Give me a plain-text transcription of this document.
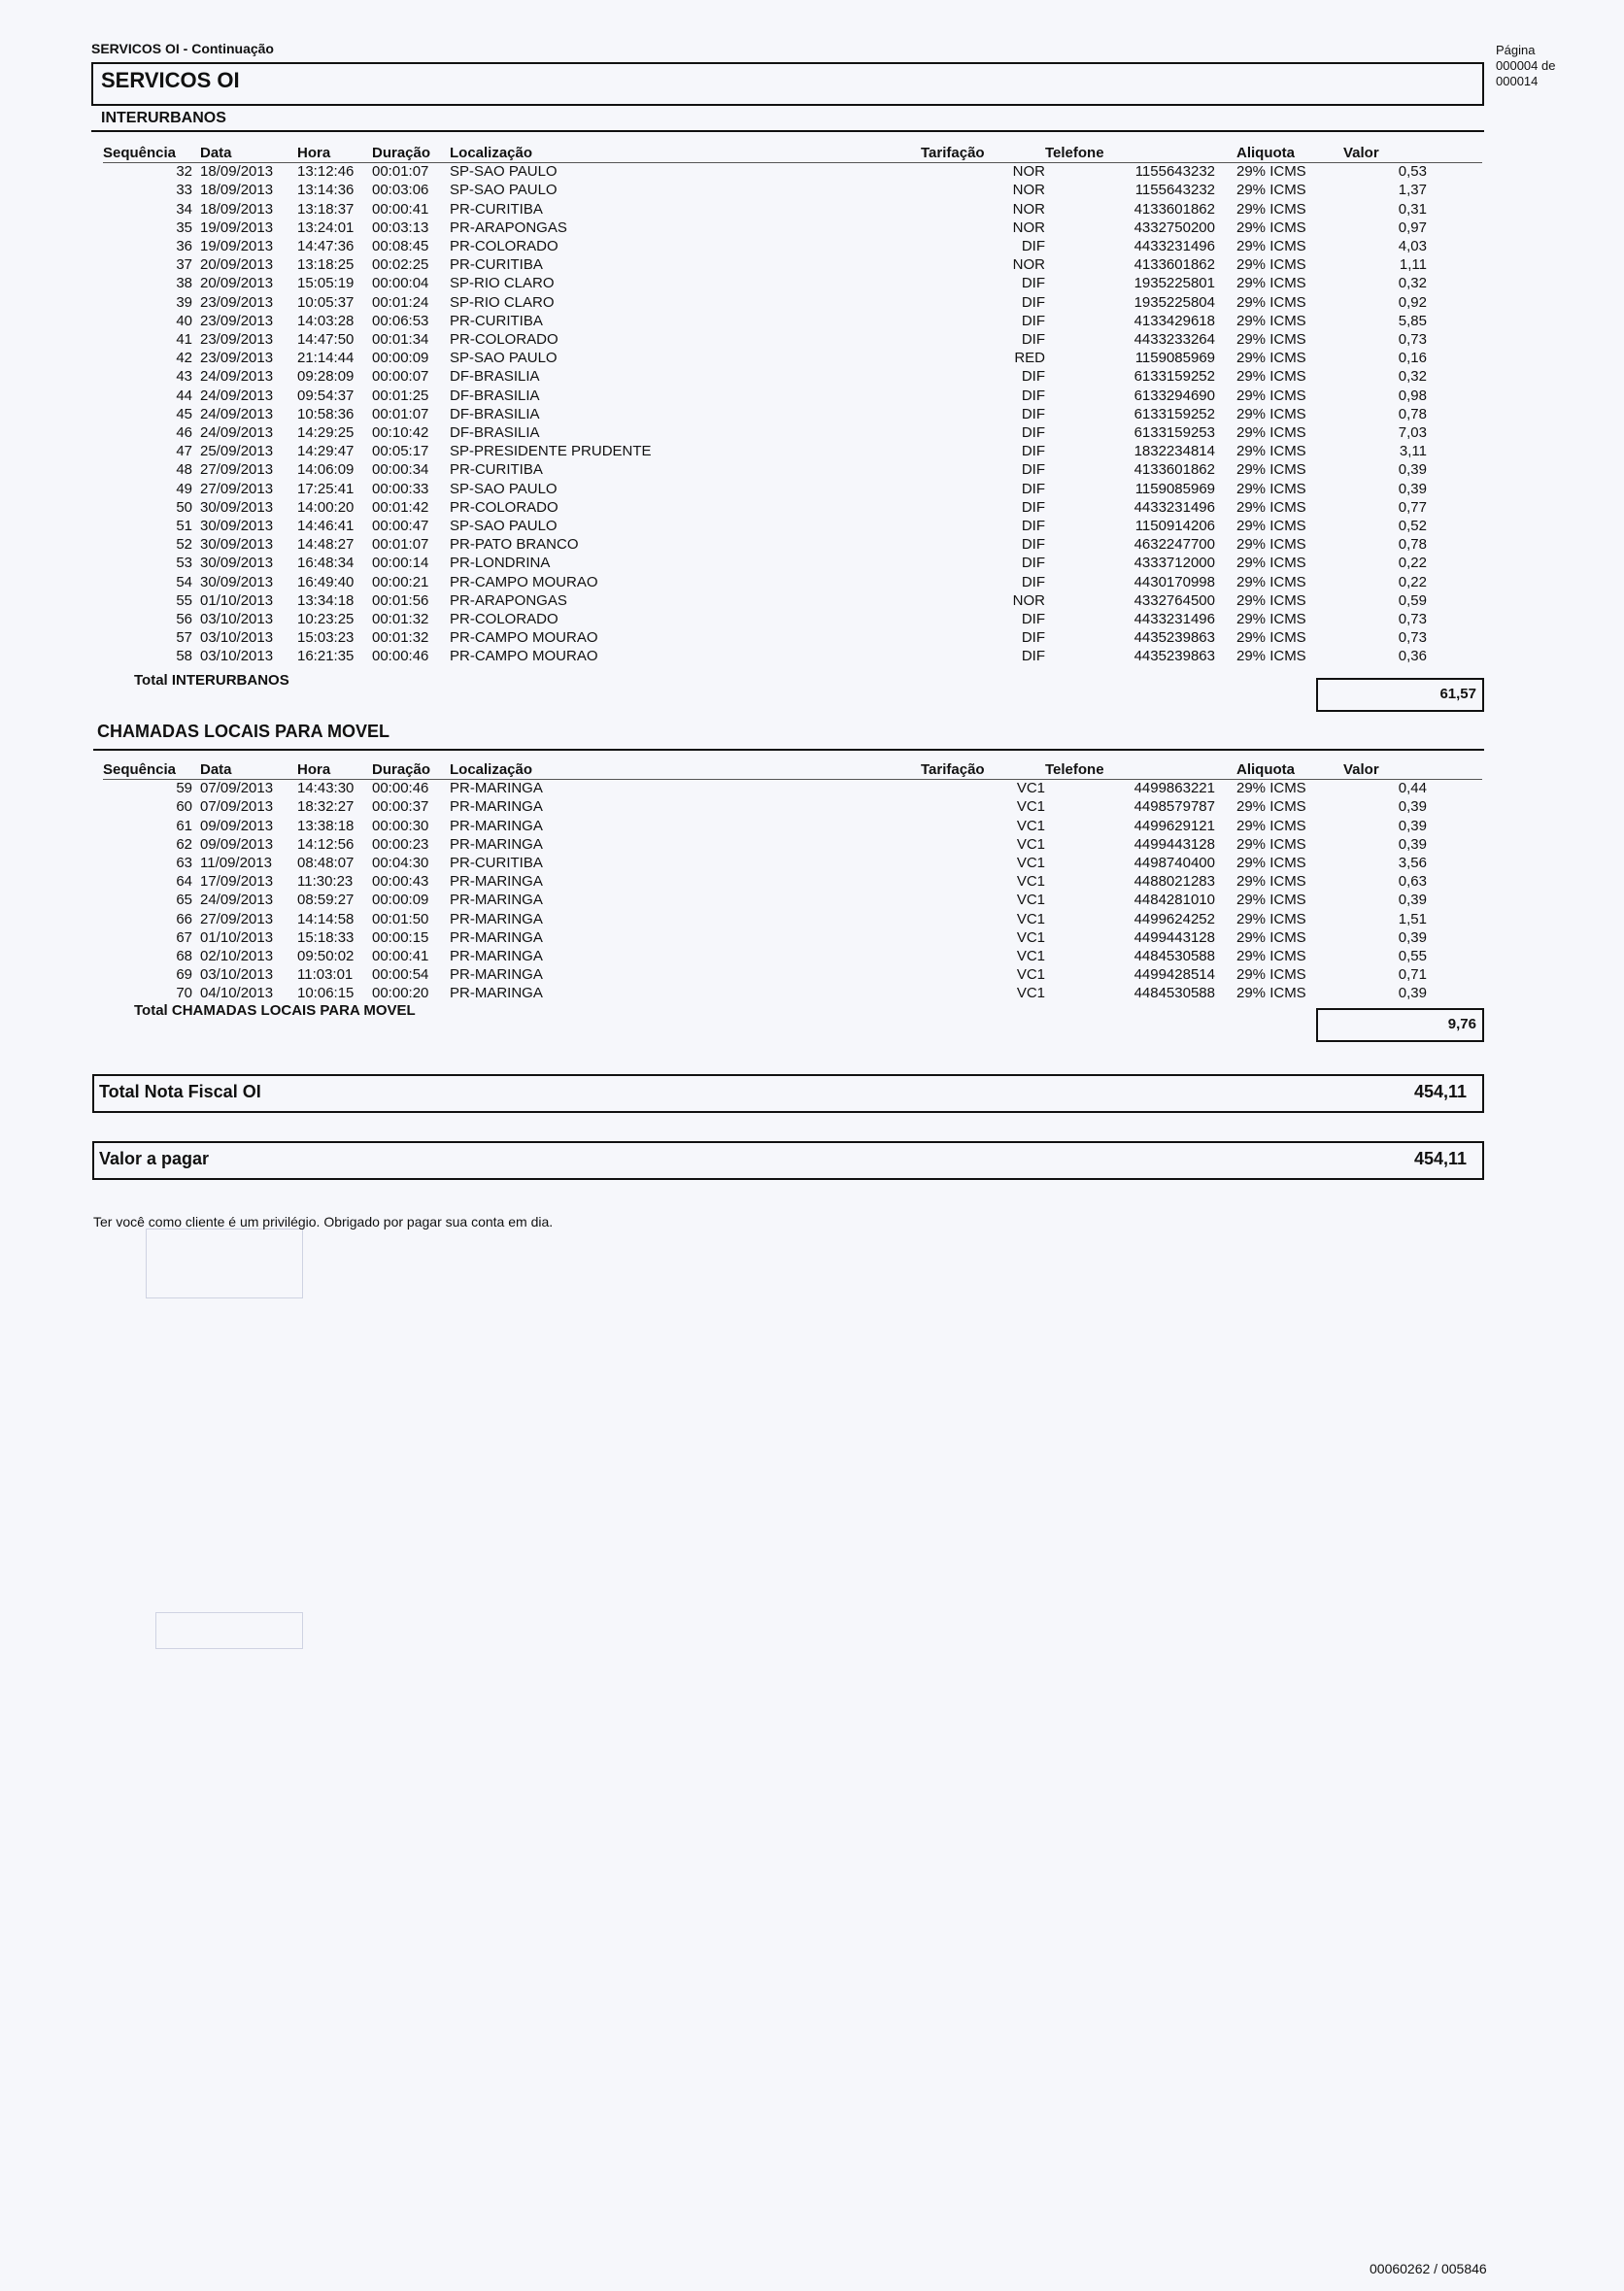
SERVICOS OI - Continuação	Página
000004 de
000014
SERVICOS OI
INTERURBANOS
Sequência	Data	Hora	Duração	Localização	Tarifação	Telefone	Aliquota	Valor
32	18/09/2013	13:12:46	00:01:07	SP-SAO PAULO	NOR	1155643232	29% ICMS	0,53
33	18/09/2013	13:14:36	00:03:06	SP-SAO PAULO	NOR	1155643232	29% ICMS	1,37
34	18/09/2013	13:18:37	00:00:41	PR-CURITIBA	NOR	4133601862	29% ICMS	0,31
35	19/09/2013	13:24:01	00:03:13	PR-ARAPONGAS	NOR	4332750200	29% ICMS	0,97
36	19/09/2013	14:47:36	00:08:45	PR-COLORADO	DIF	4433231496	29% ICMS	4,03
37	20/09/2013	13:18:25	00:02:25	PR-CURITIBA	NOR	4133601862	29% ICMS	1,11
38	20/09/2013	15:05:19	00:00:04	SP-RIO CLARO	DIF	1935225801	29% ICMS	0,32
39	23/09/2013	10:05:37	00:01:24	SP-RIO CLARO	DIF	1935225804	29% ICMS	0,92
40	23/09/2013	14:03:28	00:06:53	PR-CURITIBA	DIF	4133429618	29% ICMS	5,85
41	23/09/2013	14:47:50	00:01:34	PR-COLORADO	DIF	4433233264	29% ICMS	0,73
42	23/09/2013	21:14:44	00:00:09	SP-SAO PAULO	RED	1159085969	29% ICMS	0,16
43	24/09/2013	09:28:09	00:00:07	DF-BRASILIA	DIF	6133159252	29% ICMS	0,32
44	24/09/2013	09:54:37	00:01:25	DF-BRASILIA	DIF	6133294690	29% ICMS	0,98
45	24/09/2013	10:58:36	00:01:07	DF-BRASILIA	DIF	6133159252	29% ICMS	0,78
46	24/09/2013	14:29:25	00:10:42	DF-BRASILIA	DIF	6133159253	29% ICMS	7,03
47	25/09/2013	14:29:47	00:05:17	SP-PRESIDENTE PRUDENTE	DIF	1832234814	29% ICMS	3,11
48	27/09/2013	14:06:09	00:00:34	PR-CURITIBA	DIF	4133601862	29% ICMS	0,39
49	27/09/2013	17:25:41	00:00:33	SP-SAO PAULO	DIF	1159085969	29% ICMS	0,39
50	30/09/2013	14:00:20	00:01:42	PR-COLORADO	DIF	4433231496	29% ICMS	0,77
51	30/09/2013	14:46:41	00:00:47	SP-SAO PAULO	DIF	1150914206	29% ICMS	0,52
52	30/09/2013	14:48:27	00:01:07	PR-PATO BRANCO	DIF	4632247700	29% ICMS	0,78
53	30/09/2013	16:48:34	00:00:14	PR-LONDRINA	DIF	4333712000	29% ICMS	0,22
54	30/09/2013	16:49:40	00:00:21	PR-CAMPO MOURAO	DIF	4430170998	29% ICMS	0,22
55	01/10/2013	13:34:18	00:01:56	PR-ARAPONGAS	NOR	4332764500	29% ICMS	0,59
56	03/10/2013	10:23:25	00:01:32	PR-COLORADO	DIF	4433231496	29% ICMS	0,73
57	03/10/2013	15:03:23	00:01:32	PR-CAMPO MOURAO	DIF	4435239863	29% ICMS	0,73
58	03/10/2013	16:21:35	00:00:46	PR-CAMPO MOURAO	DIF	4435239863	29% ICMS	0,36
Total INTERURBANOS
61,57
CHAMADAS LOCAIS PARA MOVEL
Sequência	Data	Hora	Duração	Localização	Tarifação	Telefone	Aliquota	Valor
59	07/09/2013	14:43:30	00:00:46	PR-MARINGA	VC1	4499863221	29% ICMS	0,44
60	07/09/2013	18:32:27	00:00:37	PR-MARINGA	VC1	4498579787	29% ICMS	0,39
61	09/09/2013	13:38:18	00:00:30	PR-MARINGA	VC1	4499629121	29% ICMS	0,39
62	09/09/2013	14:12:56	00:00:23	PR-MARINGA	VC1	4499443128	29% ICMS	0,39
63	11/09/2013	08:48:07	00:04:30	PR-CURITIBA	VC1	4498740400	29% ICMS	3,56
64	17/09/2013	11:30:23	00:00:43	PR-MARINGA	VC1	4488021283	29% ICMS	0,63
65	24/09/2013	08:59:27	00:00:09	PR-MARINGA	VC1	4484281010	29% ICMS	0,39
66	27/09/2013	14:14:58	00:01:50	PR-MARINGA	VC1	4499624252	29% ICMS	1,51
67	01/10/2013	15:18:33	00:00:15	PR-MARINGA	VC1	4499443128	29% ICMS	0,39
68	02/10/2013	09:50:02	00:00:41	PR-MARINGA	VC1	4484530588	29% ICMS	0,55
69	03/10/2013	11:03:01	00:00:54	PR-MARINGA	VC1	4499428514	29% ICMS	0,71
70	04/10/2013	10:06:15	00:00:20	PR-MARINGA	VC1	4484530588	29% ICMS	0,39
Total CHAMADAS LOCAIS PARA MOVEL
9,76
Total Nota Fiscal OI	454,11
Valor a pagar	454,11
Ter você como cliente é um privilégio. Obrigado por pagar sua conta em dia.
00060262 / 005846
